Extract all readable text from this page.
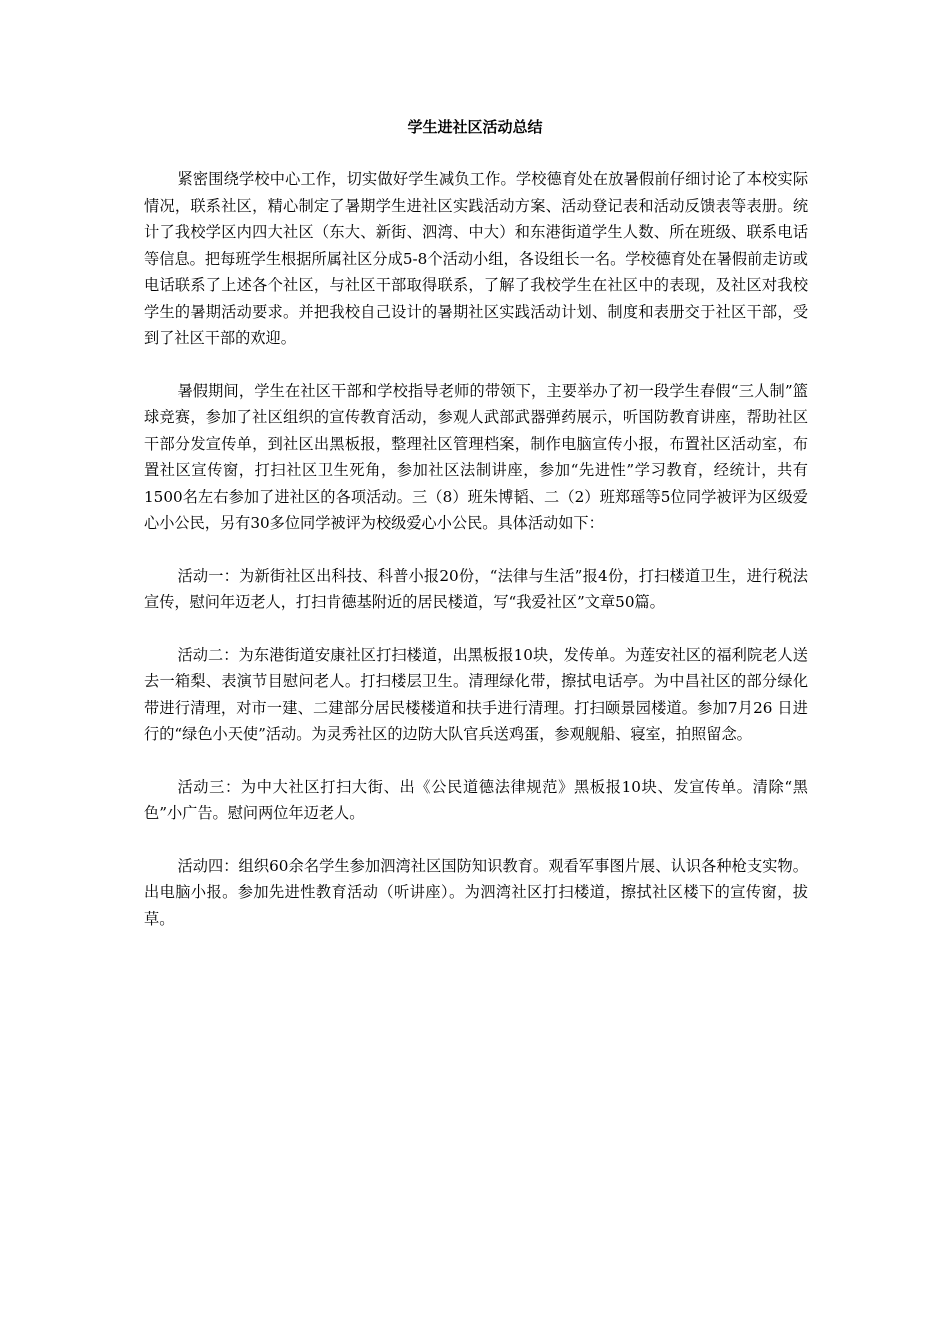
学生进社区活动总结

紧密围绕学校中心工作，切实做好学生减负工作。学校德育处在放暑假前仔细讨论了本校实际情况，联系社区，精心制定了暑期学生进社区实践活动方案、活动登记表和活动反馈表等表册。统计了我校学区内四大社区（东大、新街、泗湾、中大）和东港街道学生人数、所在班级、联系电话等信息。把每班学生根据所属社区分成5-8个活动小组，各设组长一名。学校德育处在暑假前走访或电话联系了上述各个社区，与社区干部取得联系，了解了我校学生在社区中的表现，及社区对我校学生的暑期活动要求。并把我校自己设计的暑期社区实践活动计划、制度和表册交于社区干部，受到了社区干部的欢迎。

暑假期间，学生在社区干部和学校指导老师的带领下，主要举办了初一段学生春假“三人制”篮球竞赛，参加了社区组织的宣传教育活动，参观人武部武器弹药展示，听国防教育讲座，帮助社区干部分发宣传单，到社区出黑板报，整理社区管理档案，制作电脑宣传小报，布置社区活动室，布置社区宣传窗，打扫社区卫生死角，参加社区法制讲座，参加“先进性”学习教育，经统计，共有1500名左右参加了进社区的各项活动。三（8）班朱博韬、二（2）班郑瑶等5位同学被评为区级爱心小公民，另有30多位同学被评为校级爱心小公民。具体活动如下：

活动一：为新街社区出科技、科普小报20份，“法律与生活”报4份，打扫楼道卫生，进行税法宣传，慰问年迈老人，打扫肯德基附近的居民楼道，写“我爱社区”文章50篇。

活动二：为东港街道安康社区打扫楼道，出黑板报10块，发传单。为莲安社区的福利院老人送去一箱梨、表演节目慰问老人。打扫楼层卫生。清理绿化带，擦拭电话亭。为中昌社区的部分绿化带进行清理，对市一建、二建部分居民楼楼道和扶手进行清理。打扫颐景园楼道。参加7月26 日进行的“绿色小天使”活动。为灵秀社区的边防大队官兵送鸡蛋，参观舰船、寝室，拍照留念。

活动三：为中大社区打扫大街、出《公民道德法律规范》黑板报10块、发宣传单。清除“黑色”小广告。慰问两位年迈老人。

活动四：组织60余名学生参加泗湾社区国防知识教育。观看军事图片展、认识各种枪支实物。出电脑小报。参加先进性教育活动（听讲座）。为泗湾社区打扫楼道，擦拭社区楼下的宣传窗，拔草。
